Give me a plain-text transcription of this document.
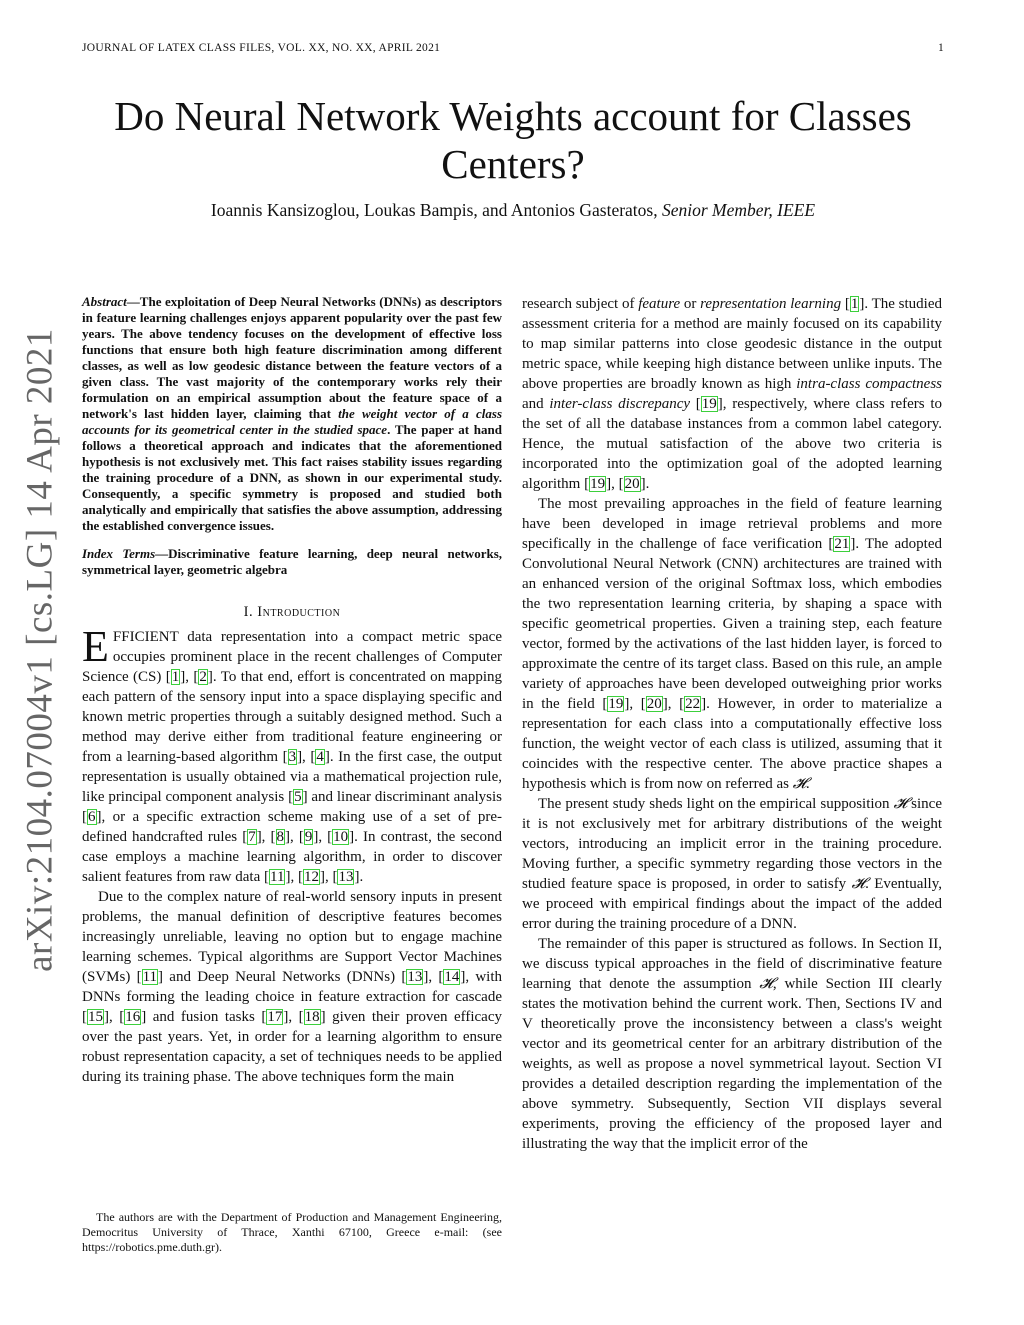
JOURNAL OF LATEX CLASS FILES, VOL. XX, NO. XX, APRIL 2021	1
Do Neural Network Weights account for Classes Centers?
Ioannis Kansizoglou, Loukas Bampis, and Antonios Gasteratos, Senior Member, IEEE
arXiv:2104.07004v1 [cs.LG] 14 Apr 2021
Abstract—The exploitation of Deep Neural Networks (DNNs) as descriptors in feature learning challenges enjoys apparent popularity over the past few years. The above tendency focuses on the development of effective loss functions that ensure both high feature discrimination among different classes, as well as low geodesic distance between the feature vectors of a given class. The vast majority of the contemporary works rely their formulation on an empirical assumption about the feature space of a network's last hidden layer, claiming that the weight vector of a class accounts for its geometrical center in the studied space. The paper at hand follows a theoretical approach and indicates that the aforementioned hypothesis is not exclusively met. This fact raises stability issues regarding the training procedure of a DNN, as shown in our experimental study. Consequently, a specific symmetry is proposed and studied both analytically and empirically that satisfies the above assumption, addressing the established convergence issues.
Index Terms—Discriminative feature learning, deep neural networks, symmetrical layer, geometric algebra
I. Introduction

EFFICIENT data representation into a compact metric space occupies prominent place in the recent challenges of Computer Science (CS) [1], [2]. To that end, effort is concentrated on mapping each pattern of the sensory input into a space displaying specific and known metric properties through a suitably designed method. Such a method may derive either from traditional feature engineering or from a learning-based algorithm [3], [4]. In the first case, the output representation is usually obtained via a mathematical projection rule, like principal component analysis [5] and linear discriminant analysis [6], or a specific extraction scheme making use of a set of pre-defined handcrafted rules [7], [8], [9], [10]. In contrast, the second case employs a machine learning algorithm, in order to discover salient features from raw data [11], [12], [13].

Due to the complex nature of real-world sensory inputs in present problems, the manual definition of descriptive features becomes increasingly unreliable, leaving no option but to engage machine learning schemes. Typical algorithms are Support Vector Machines (SVMs) [11] and Deep Neural Networks (DNNs) [13], [14], with DNNs forming the leading choice in feature extraction for cascade [15], [16] and fusion tasks [17], [18] given their proven efficacy over the past years. Yet, in order for a learning algorithm to ensure robust representation capacity, a set of techniques needs to be applied during its training phase. The above techniques form the main

The authors are with the Department of Production and Management Engineering, Democritus University of Thrace, Xanthi 67100, Greece e-mail: (see https://robotics.pme.duth.gr).

research subject of feature or representation learning [1]. The studied assessment criteria for a method are mainly focused on its capability to map similar patterns into close geodesic distance in the output metric space, while keeping high distance between unlike inputs. The above properties are broadly known as high intra-class compactness and inter-class discrepancy [19], respectively, where class refers to the set of all the database instances from a common label category. Hence, the mutual satisfaction of the above two criteria is incorporated into the optimization goal of the adopted learning algorithm [19], [20].

The most prevailing approaches in the field of feature learning have been developed in image retrieval problems and more specifically in the challenge of face verification [21]. The adopted Convolutional Neural Network (CNN) architectures are trained with an enhanced version of the original Softmax loss, which embodies the two representation learning criteria, by shaping a space with specific geometrical properties. Given a training step, each feature vector, formed by the activations of the last hidden layer, is forced to approximate the centre of its target class. Based on this rule, an ample variety of approaches have been developed outweighing prior works in the field [19], [20], [22]. However, in order to materialize a representation for each class into a computationally effective loss function, the weight vector of each class is utilized, assuming that it coincides with the respective center. The above practice shapes a hypothesis which is from now on referred as 𝓗.

The present study sheds light on the empirical supposition 𝓗 since it is not exclusively met for arbitrary distributions of the weight vectors, introducing an implicit error in the training procedure. Moving further, a specific symmetry regarding those vectors in the studied feature space is proposed, in order to satisfy 𝓗. Eventually, we proceed with empirical findings about the impact of the added error during the training procedure of a DNN.

The remainder of this paper is structured as follows. In Section II, we discuss typical approaches in the field of discriminative feature learning that denote the assumption 𝓗, while Section III clearly states the motivation behind the current work. Then, Sections IV and V theoretically prove the inconsistency between a class's weight vector and its geometrical center for an arbitrary distribution of the weights, as well as propose a novel symmetrical layout. Section VI provides a detailed description regarding the implementation of the above symmetry. Subsequently, Section VII displays several experiments, proving the efficiency of the proposed layer and illustrating the way that the implicit error of the
